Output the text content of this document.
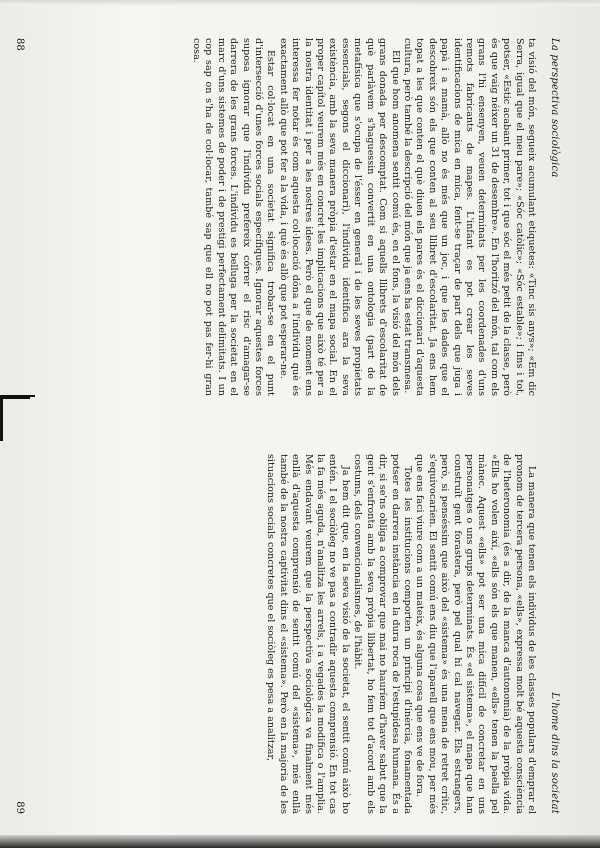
La perspectiva sociològica

ta visió del món, segueix acumulant etiquetes: «Tinc sis anys»; «Em dic Serra, igual que el meu pare»; «Sóc catòlic»; «Sóc estable»; i fins i tot, potser, «Estic acabant primer, tot i que sóc el més petit de la classe, però és que vaig néixer un 31 de desembre». En l'horitzó del món, tal com els grans l'hi ensenyen, veuen determinats per les coordenades d'uns remots fabricants de mapes. L'infant es pot crear les seves identificacions de mica en mica, fent-se traçar de part dels que juga i papà i a mamà, allò no és més que un joc, i que les dades que el descobreix són els que conten al seu llibret d'escolaritat. Ja ens hem topat a les que conten el què diuen els pares és el diccionari d'aquesta cultura, però també la descripció del món que ja ens ha estat transmesa.

Ell que hom anomena sentit comú és, en el fons, la visió del món dels grans donada per descomptat. Com si aquells llibrets d'escolaritat de què parlàvem s'haguessin convertit en una ontologia (part de la metafísica que s'ocupa de l'ésser en general i de les seves propietats essencials, segons el diccionari), l'individu identifica ara la seva existència, amb la seva manera pròpia d'estar en el mapa social. En el proper capítol veurem més en concret les implicacions que això té per a la nostra identitat i per a les nostres idees. Però el que de moment ens interessa fer notar és com aquesta col·locació dóna a l'individu què és exactament allò que pot fer a la vida, i què és allò que pot esperar-ne.

Estar col·locat en una societat significa trobar-se en el punt d'intersecció d'unes forces socials específiques. Ignorar aquestes forces suposa ignorar que l'individu prefereix córrer el risc d'amagar-se darrera de les grans forces. L'individu es belluga per la societat en el marc d'uns sistemes de poder i de prestigi perfectament delimitats. I un cop sap on s'ha de col·locar, també sap que ell no pot pas fer-hi gran cosa.

88
L'home dins la societat

La manera que tenen els individus de les classes populars d'emprar el pronom de tercera persona, «ells», expressa molt bé aquesta consciència de l'heteronomia (és a dir, de la manca d'autonomia) de la pròpia vida. «Ells ho volen així, «ells són els que manen, «ells» tenen la paella pel mànec. Aquest «ells» pot ser una mica difícil de concretar en uns personatges o uns grups determinats. És «el sistema», el mapa que han construït gent forastera, però pel qual hi cal navegar. Els estrangers, però, si penséssim que això del «sistema» és una mena de retret crític, s'equivocarien. El sentit comú ens diu que l'aparell que ens mou, per més que ens faci viure com a un mateix, és alguna cosa que ens ve de fora.

Totes les institucions comporten un principi d'inèrcia, fonamentada potser en darrera instància en la dura roca de l'estupidesa humana. És a dir, si se'ns obliga a comprovar que mai no hauríem d'haver sabut que la gent s'enfronta amb la seva pròpia llibertat, ho fem tot d'acord amb els costums, dels convencionalismes, de l'hàbit.

Ja hem dit que, en la seva visió de la societat, el sentit comú això ho entén. I el sociòleg no ve pas a contradir aquesta comprensió. En tot cas la fa més aguda, n'analitza les arrels, i a vegades la modifica o l'amplia. Més endavant veurem que la perspectiva sociològica va finalment més enllà d'aquesta comprensió de sentit comú del «sistema», més enllà també de la nostra captivitat dins el «sistema». Però en la majoria de les situacions socials concretes que el sociòleg es pesa a analitzar,

89
